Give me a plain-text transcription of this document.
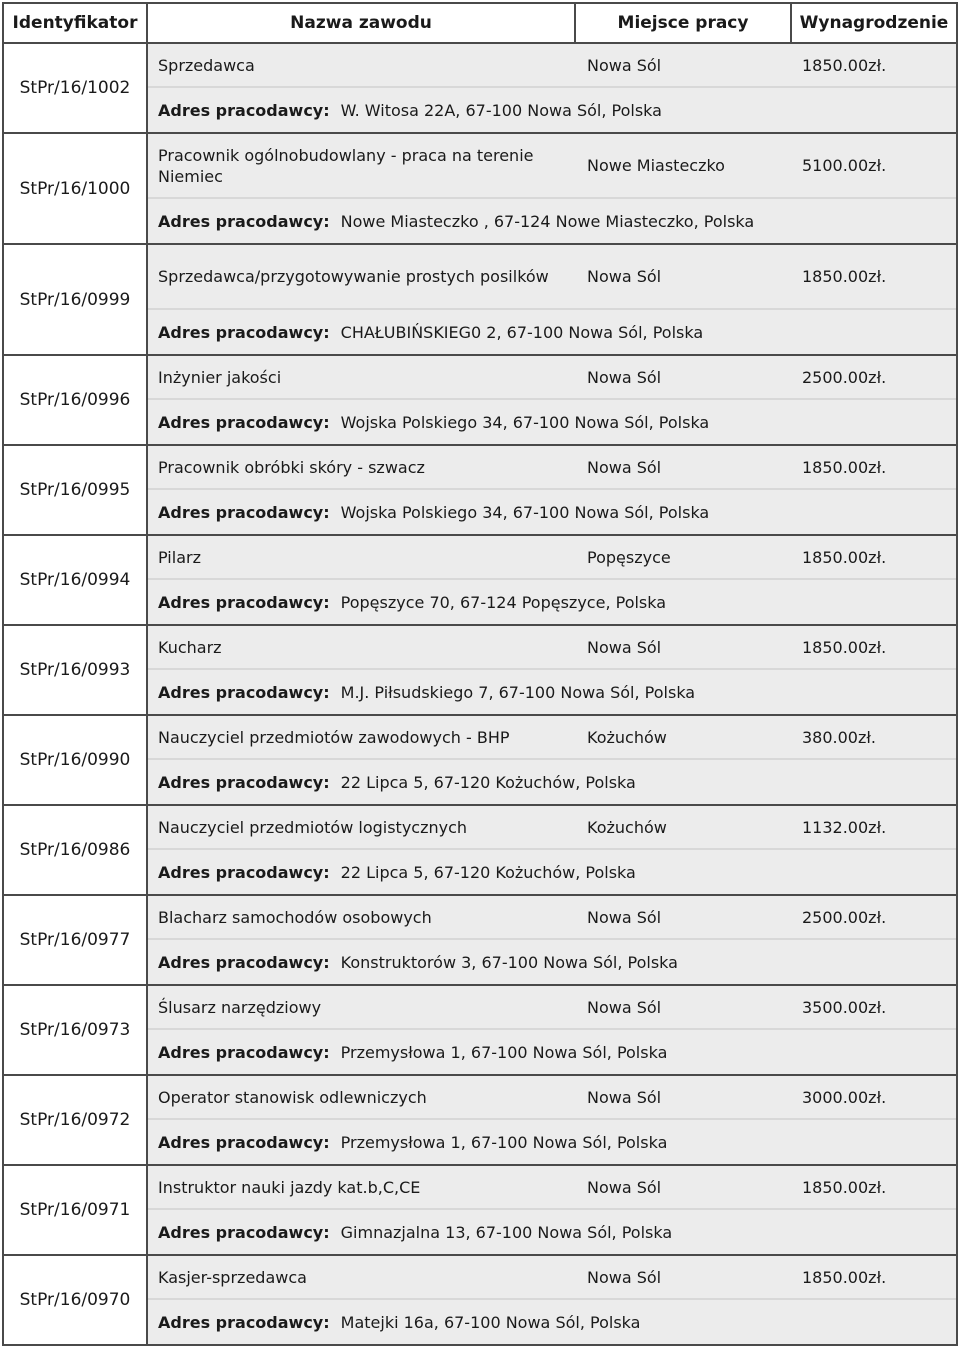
Identyfikator	Nazwa zawodu	Miejsce pracy	Wynagrodzenie
StPr/16/1002
Sprzedawca	Nowa Sól	1850.00zł.
Adres pracodawcy: W. Witosa 22A, 67-100 Nowa Sól, Polska
StPr/16/1000
Pracownik ogólnobudowlany - praca na terenie Niemiec
Nowe Miasteczko	5100.00zł.
Adres pracodawcy: Nowe Miasteczko , 67-124 Nowe Miasteczko, Polska
StPr/16/0999
Sprzedawca/przygotowywanie prostych posilków	Nowa Sól	1850.00zł.
Adres pracodawcy: CHAŁUBIŃSKIEG0 2, 67-100 Nowa Sól, Polska
StPr/16/0996
Inżynier jakości	Nowa Sól	2500.00zł.
Adres pracodawcy: Wojska Polskiego 34, 67-100 Nowa Sól, Polska
StPr/16/0995
Pracownik obróbki skóry - szwacz	Nowa Sól	1850.00zł.
Adres pracodawcy: Wojska Polskiego 34, 67-100 Nowa Sól, Polska
StPr/16/0994
Pilarz	Popęszyce	1850.00zł.
Adres pracodawcy: Popęszyce 70, 67-124 Popęszyce, Polska
StPr/16/0993
Kucharz	Nowa Sól	1850.00zł.
Adres pracodawcy: M.J. Piłsudskiego 7, 67-100 Nowa Sól, Polska
StPr/16/0990
Nauczyciel przedmiotów zawodowych - BHP	Kożuchów	380.00zł.
Adres pracodawcy: 22 Lipca 5, 67-120 Kożuchów, Polska
StPr/16/0986
Nauczyciel przedmiotów logistycznych	Kożuchów	1132.00zł.
Adres pracodawcy: 22 Lipca 5, 67-120 Kożuchów, Polska
StPr/16/0977
Blacharz samochodów osobowych	Nowa Sól	2500.00zł.
Adres pracodawcy: Konstruktorów 3, 67-100 Nowa Sól, Polska
StPr/16/0973
Ślusarz narzędziowy	Nowa Sól	3500.00zł.
Adres pracodawcy: Przemysłowa 1, 67-100 Nowa Sól, Polska
StPr/16/0972
Operator stanowisk odlewniczych	Nowa Sól	3000.00zł.
Adres pracodawcy: Przemysłowa 1, 67-100 Nowa Sól, Polska
StPr/16/0971
Instruktor nauki jazdy kat.b,C,CE	Nowa Sól	1850.00zł.
Adres pracodawcy: Gimnazjalna 13, 67-100 Nowa Sól, Polska
StPr/16/0970
Kasjer-sprzedawca	Nowa Sól	1850.00zł.
Adres pracodawcy: Matejki 16a, 67-100 Nowa Sól, Polska
